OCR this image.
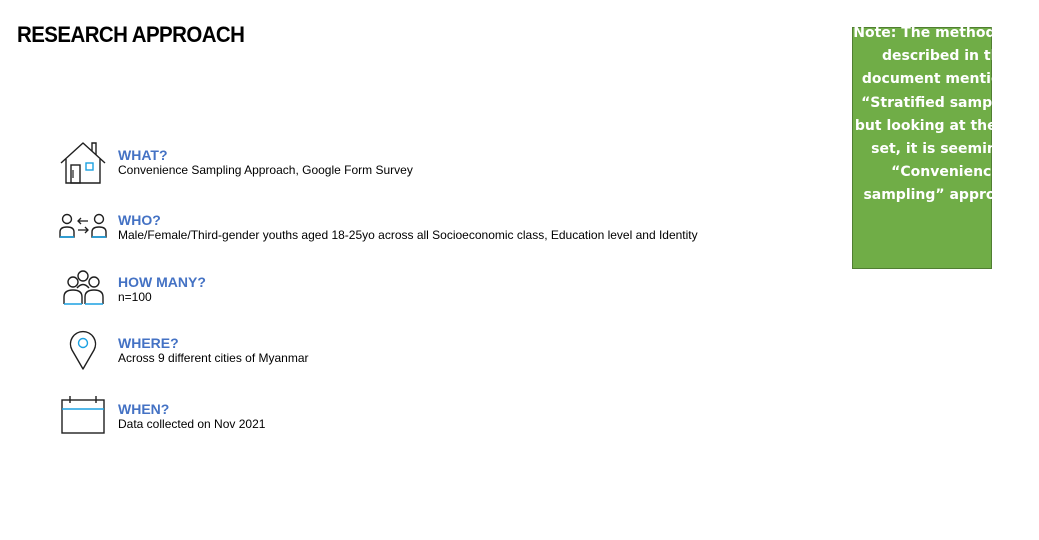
RESEARCH APPROACH
WHAT?
Convenience Sampling Approach, Google Form Survey
WHO?
Male/Female/Third-gender youths aged 18-25yo across all Socioeconomic class, Education level and Identity
HOW MANY?
n=100
WHERE?
Across 9 different cities of Myanmar
WHEN?
Data collected on Nov 2021
Note: The methodology described in the document mentioned “Stratified sampling” but looking at the data set, it is seemingly “Convenience sampling” approach.
